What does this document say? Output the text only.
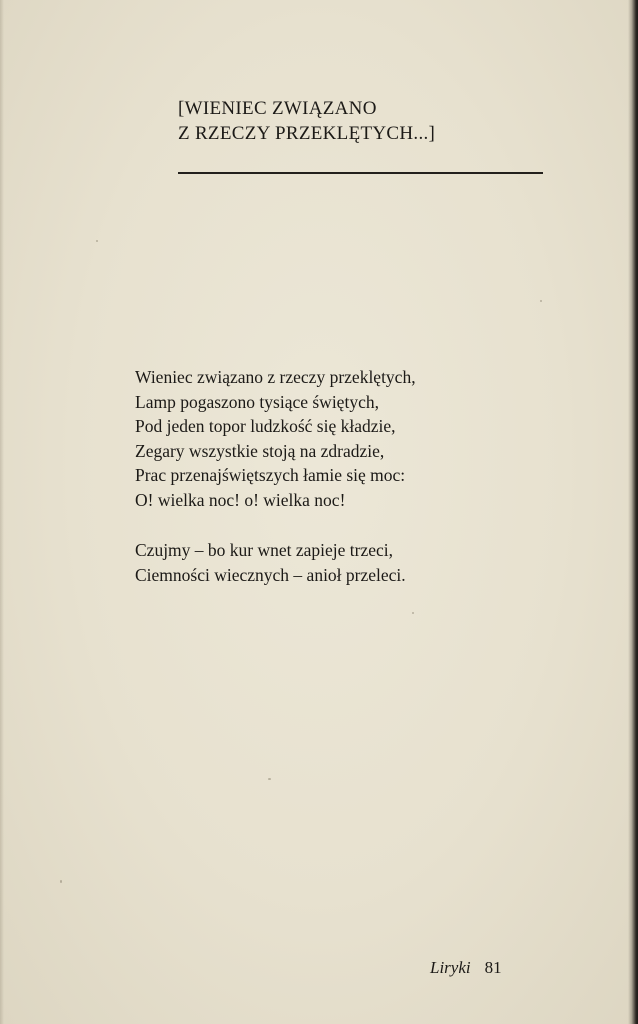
[WIENIEC ZWIĄZANO
Z RZECZY PRZEKLĘTYCH...]
Wieniec związano z rzeczy przeklętych,
Lamp pogaszono tysiące świętych,
Pod jeden topor ludzkość się kładzie,
Zegary wszystkie stoją na zdradzie,
Prac przenajświętszych łamie się moc:
O! wielka noc! o! wielka noc!
Czujmy – bo kur wnet zapieje trzeci,
Ciemności wiecznych – anioł przeleci.
Liryki 81
